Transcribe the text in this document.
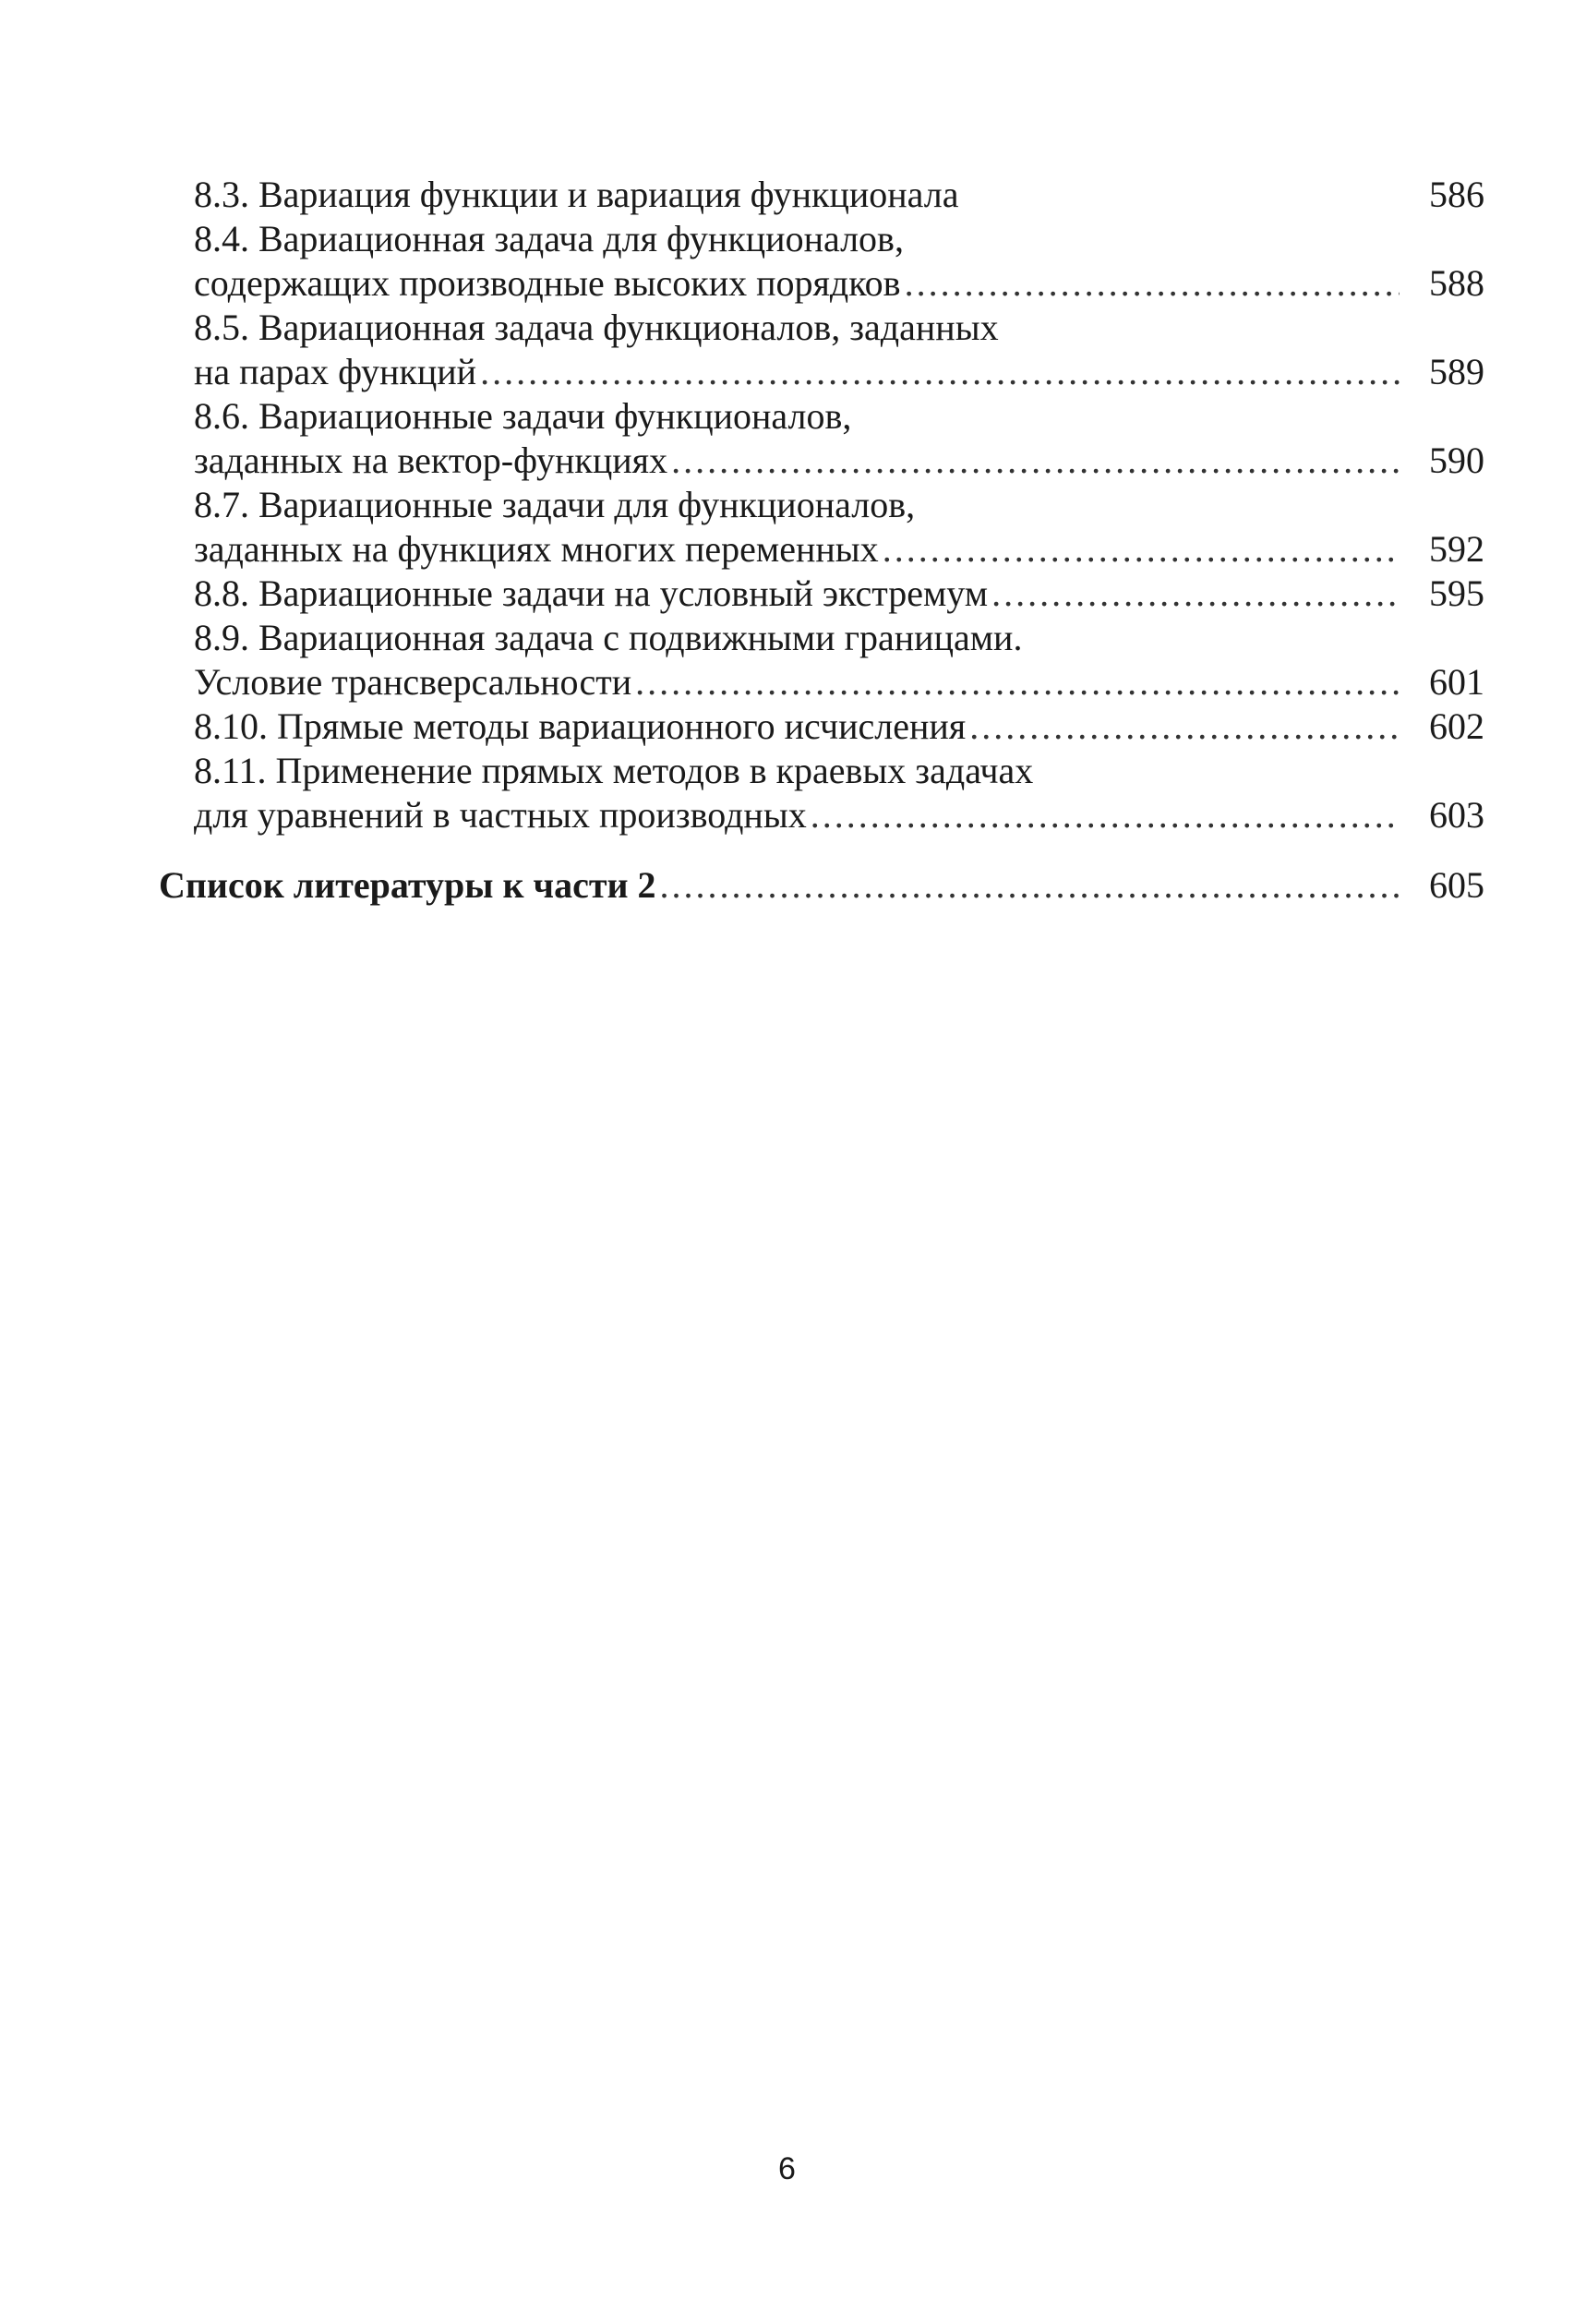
8.3. Вариация функции и вариация функционала	586
8.4. Вариационная задача для функционалов,
содержащих производные высоких порядков .....	588
8.5. Вариационная задача функционалов, заданных
на парах функций .....	589
8.6. Вариационные задачи функционалов,
заданных на вектор-функциях .....	590
8.7. Вариационные задачи для функционалов,
заданных на функциях многих переменных .....	592
8.8. Вариационные задачи на условный экстремум .....	595
8.9. Вариационная задача с подвижными границами.
Условие трансверсальности .....	601
8.10. Прямые методы вариационного исчисления .....	602
8.11. Применение прямых методов в краевых задачах
для уравнений в частных производных .....	603
Список литературы к части 2 .....	605
6
